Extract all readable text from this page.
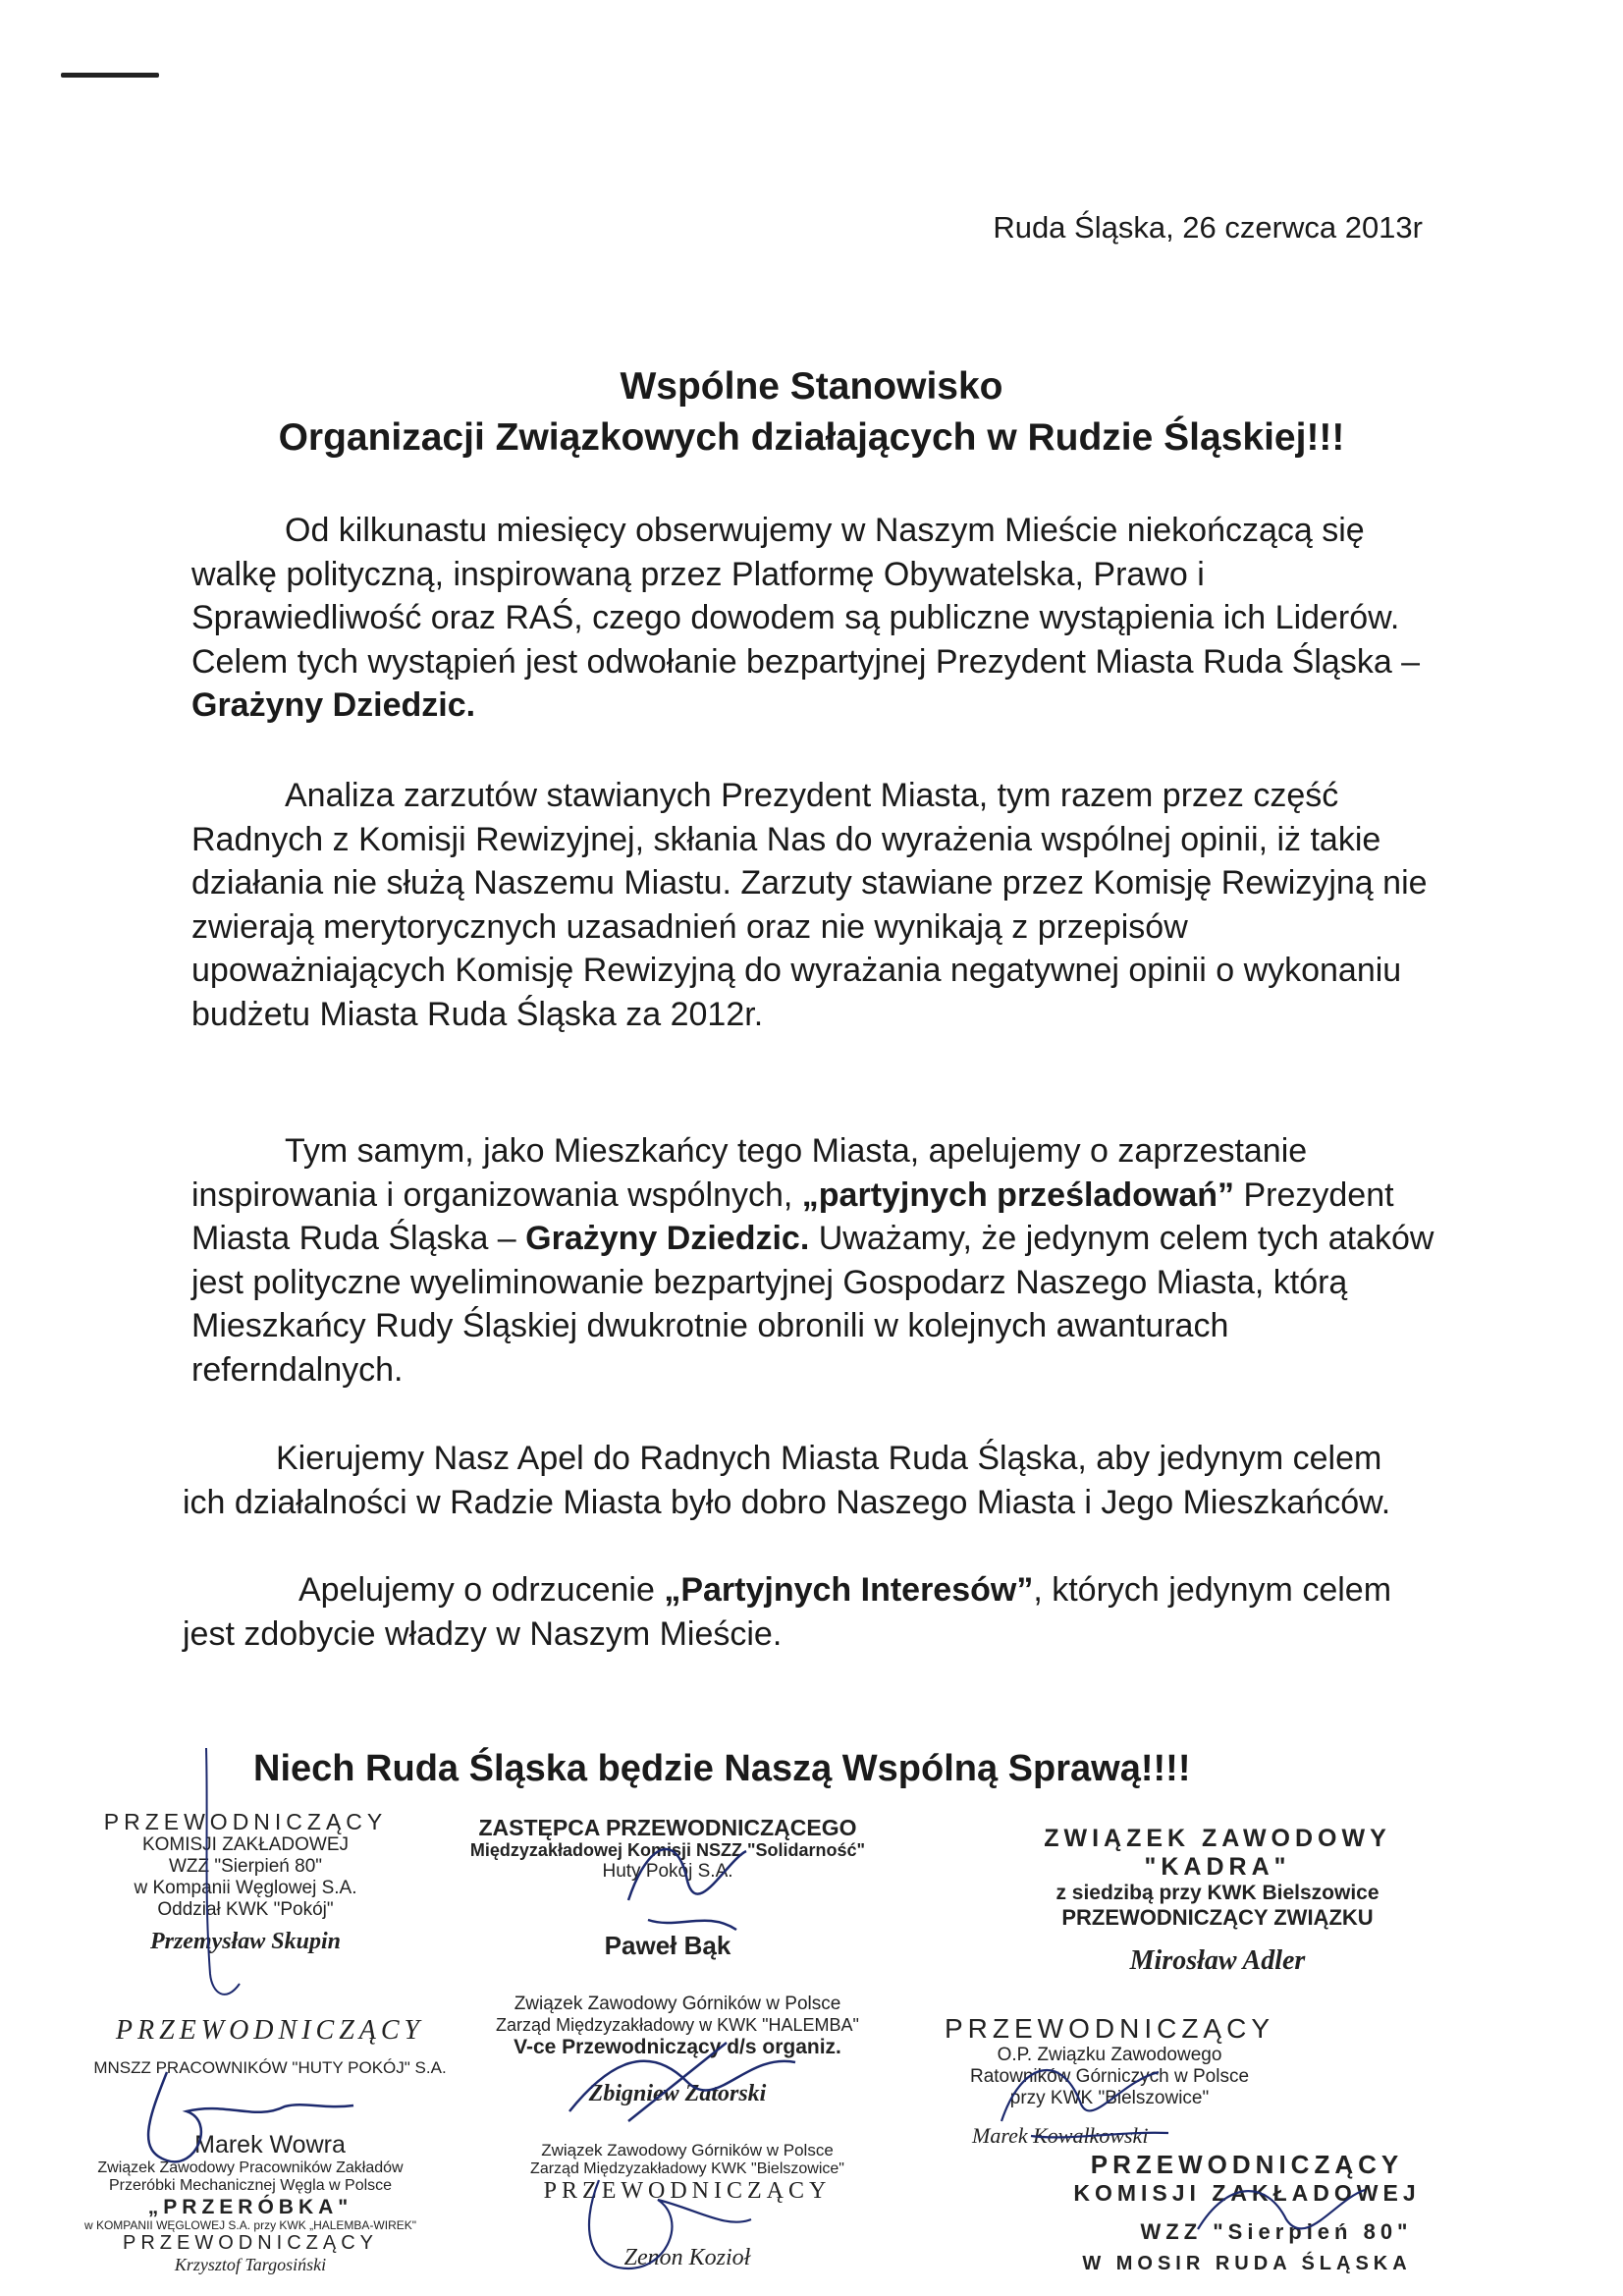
Ruda Śląska, 26 czerwca 2013r
Wspólne Stanowisko
Organizacji Związkowych działających w Rudzie Śląskiej!!!

Od kilkunastu miesięcy obserwujemy w Naszym Mieście niekończącą się walkę polityczną, inspirowaną przez Platformę Obywatelska, Prawo i Sprawiedliwość oraz RAŚ, czego dowodem są publiczne wystąpienia ich Liderów. Celem tych wystąpień jest odwołanie bezpartyjnej Prezydent Miasta Ruda Śląska – Grażyny Dziedzic.

Analiza zarzutów stawianych Prezydent Miasta, tym razem przez część Radnych z Komisji Rewizyjnej, skłania Nas do wyrażenia wspólnej opinii, iż takie działania nie służą Naszemu Miastu. Zarzuty stawiane przez Komisję Rewizyjną nie zwierają merytorycznych uzasadnień oraz nie wynikają z przepisów upoważniających Komisję Rewizyjną do wyrażania negatywnej opinii o wykonaniu budżetu Miasta Ruda Śląska za 2012r.

Tym samym, jako Mieszkańcy tego Miasta, apelujemy o zaprzestanie inspirowania i organizowania wspólnych, „partyjnych prześladowań” Prezydent Miasta Ruda Śląska – Grażyny Dziedzic. Uważamy, że jedynym celem tych ataków jest polityczne wyeliminowanie bezpartyjnej Gospodarz Naszego Miasta, którą Mieszkańcy Rudy Śląskiej dwukrotnie obronili w kolejnych awanturach referndalnych.

Kierujemy Nasz Apel do Radnych Miasta Ruda Śląska, aby jedynym celem ich działalności w Radzie Miasta było dobro Naszego Miasta i Jego Mieszkańców.

Apelujemy o odrzucenie „Partyjnych Interesów”, których jedynym celem jest zdobycie władzy w Naszym Mieście.

Niech Ruda Śląska będzie Naszą Wspólną Sprawą!!!!
PRZEWODNICZĄCY
KOMISJI ZAKŁADOWEJ
WZZ "Sierpień 80"
w Kompanii Węglowej S.A.
Oddział KWK "Pokój"
Przemysław Skupin
ZASTĘPCA PRZEWODNICZĄCEGO
Międzyzakładowej Komisji NSZZ "Solidarność"
Huty Pokój S.A.
Paweł Bąk
ZWIĄZEK ZAWODOWY
"KADRA"
z siedzibą przy KWK Bielszowice
PRZEWODNICZĄCY ZWIĄZKU
Mirosław Adler
PRZEWODNICZĄCY
MNSZZ PRACOWNIKÓW "HUTY POKÓJ" S.A.
Związek Zawodowy Górników w Polsce
Zarząd Międzyzakładowy w KWK "HALEMBA"
V-ce Przewodniczący d/s organiz.
Zbigniew Zatorski
PRZEWODNICZĄCY
O.P. Związku Zawodowego
Ratowników Górniczych w Polsce
przy KWK "Bielszowice"
Marek Kowalkowski
Marek Wowra
Związek Zawodowy Pracowników Zakładów
Przeróbki Mechanicznej Węgla w Polsce
„PRZERÓBKA"
w KOMPANII WĘGLOWEJ S.A. przy KWK „HALEMBA-WIREK"
PRZEWODNICZĄCY
Krzysztof Targosiński
Związek Zawodowy Górników w Polsce
Zarząd Międzyzakładowy KWK "Bielszowice"
PRZEWODNICZĄCY
Zenon Kozioł
PRZEWODNICZĄCY
KOMISJI ZAKŁADOWEJ
WZZ "Sierpień 80"
W MOSIR RUDA ŚLĄSKA
